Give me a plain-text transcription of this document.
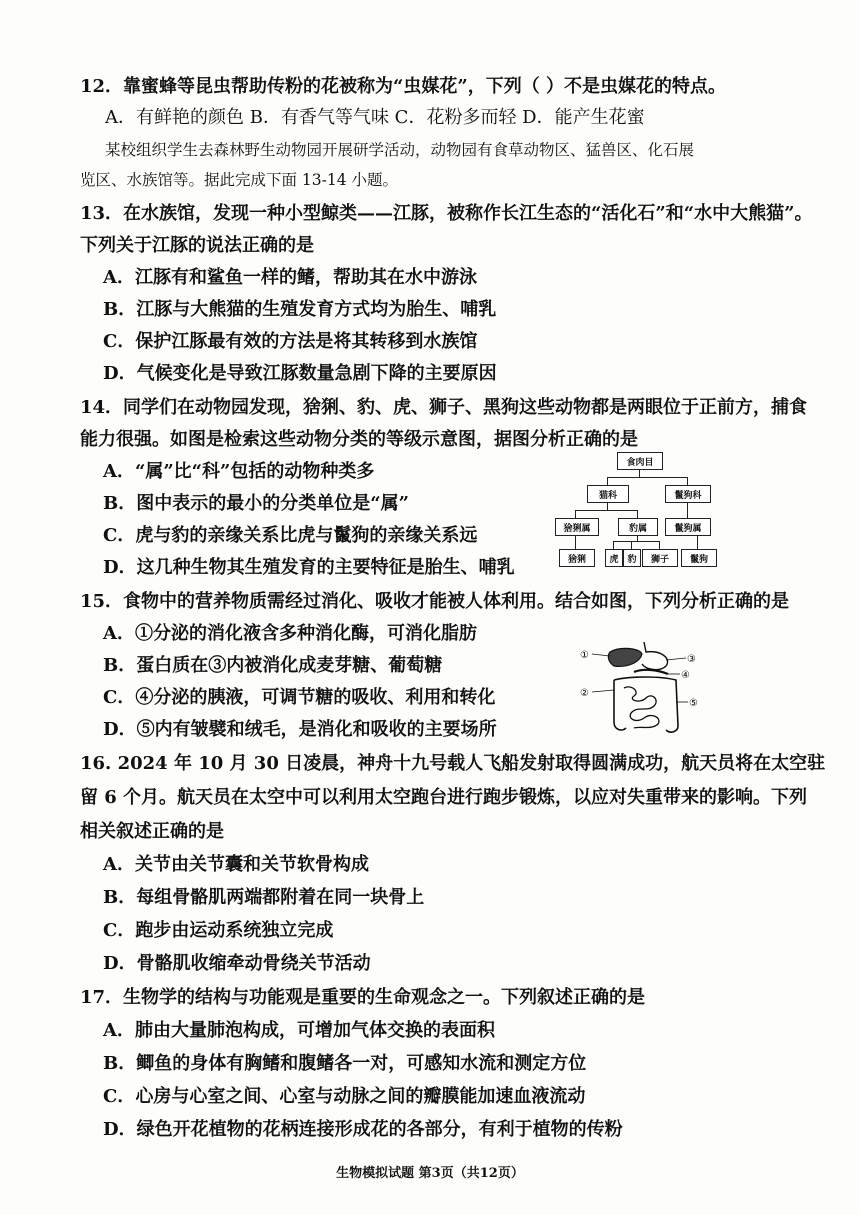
12．靠蜜蜂等昆虫帮助传粉的花被称为“虫媒花”，下列（ ）不是虫媒花的特点。
A．有鲜艳的颜色 B．有香气等气味 C．花粉多而轻 D．能产生花蜜
某校组织学生去森林野生动物园开展研学活动，动物园有食草动物区、猛兽区、化石展
览区、水族馆等。据此完成下面 13-14 小题。
13．在水族馆，发现一种小型鲸类——江豚，被称作长江生态的“活化石”和“水中大熊猫”。
下列关于江豚的说法正确的是
A．江豚有和鲨鱼一样的鳍，帮助其在水中游泳
B．江豚与大熊猫的生殖发育方式均为胎生、哺乳
C．保护江豚最有效的方法是将其转移到水族馆
D．气候变化是导致江豚数量急剧下降的主要原因
14．同学们在动物园发现，猞猁、豹、虎、狮子、黑狗这些动物都是两眼位于正前方，捕食
能力很强。如图是检索这些动物分类的等级示意图，据图分析正确的是
A．“属”比“科”包括的动物种类多
B．图中表示的最小的分类单位是“属”
C．虎与豹的亲缘关系比虎与鬣狗的亲缘关系远
D．这几种生物其生殖发育的主要特征是胎生、哺乳
食肉目
猫科	鬣狗科
猞猁属	豹属	鬣狗属
猞猁	虎 豹	狮子	鬣狗
15．食物中的营养物质需经过消化、吸收才能被人体利用。结合如图，下列分析正确的是
A．①分泌的消化液含多种消化酶，可消化脂肪
B．蛋白质在③内被消化成麦芽糖、葡萄糖
C．④分泌的胰液，可调节糖的吸收、利用和转化
D．⑤内有皱襞和绒毛，是消化和吸收的主要场所
①
②
③
④
⑤
16. 2024 年 10 月 30 日凌晨，神舟十九号载人飞船发射取得圆满成功，航天员将在太空驻
留 6 个月。航天员在太空中可以利用太空跑台进行跑步锻炼，以应对失重带来的影响。下列
相关叙述正确的是
A．关节由关节囊和关节软骨构成
B．每组骨骼肌两端都附着在同一块骨上
C．跑步由运动系统独立完成
D．骨骼肌收缩牵动骨绕关节活动
17．生物学的结构与功能观是重要的生命观念之一。下列叙述正确的是
A．肺由大量肺泡构成，可增加气体交换的表面积
B．鲫鱼的身体有胸鳍和腹鳍各一对，可感知水流和测定方位
C．心房与心室之间、心室与动脉之间的瓣膜能加速血液流动
D．绿色开花植物的花柄连接形成花的各部分，有利于植物的传粉
生物模拟试题 第3页（共12页）
